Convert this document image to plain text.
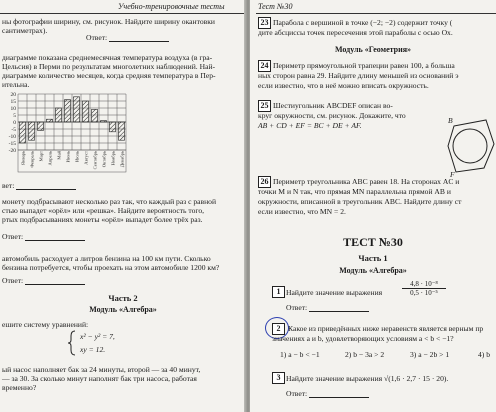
Учебно-тренировочные тесты
ны фотографии ширину, см. рисунок. Найдите ширину окантовки
сантиметрах).
Ответ:
диаграмме показана среднемесячная температура воздуха (в гра-
Цельсия) в Перми по результатам многолетних наблюдений. Най-
диаграмме количество месяцев, когда средняя температура в Пер-
ительна.
20
15
10
5
0
-5
-10
-15
-20 Январь Февраль Март Апрель Май Июнь Июль Август Сентябрь Октябрь Ноябрь Декабрь
вет:
монету подбрасывают несколько раз так, что каждый раз с равной
стью выпадет «орёл» или «решка». Найдите вероятность того,
ртых подбрасываниях монеты «орёл» выпадет более трёх раз.
Ответ:
автомобиль расходует a литров бензина на 100 км пути. Сколько
бензина потребуется, чтобы проехать на этом автомобиле 1200 км?
Ответ:
Часть 2
Модуль «Алгебра»
ешите систему уравнений:
x² − y² = 7,
xy = 12.
ый насос наполняет бак за 24 минуты, второй — за 40 минут,
— за 30. За сколько минут наполнят бак три насоса, работая
временно?
Тест №30
23 Парабола с вершиной в точке (−2; −2) содержит точку (
дите абсциссы точек пересечения этой параболы с осью Ox.
Модуль «Геометрия»
24 Периметр прямоугольной трапеции равен 100, а больша
ных сторон равна 29. Найдите длину меньшей из оснований э
если известно, что в неё можно вписать окружность.
25 Шестиугольник ABCDEF описан во-
круг окружности, см. рисунок. Докажите, что
AB + CD + EF = BC + DE + AF.
B
F
26 Периметр треугольника ABC равен 18. На сторонах AC и
точки M и N так, что прямая MN параллельна прямой AB и
окружности, вписанной в треугольник ABC. Найдите длину ст
если известно, что MN = 2.
ТЕСТ №30
Часть 1
Модуль «Алгебра»
1 Найдите значение выражения	$\frac{\text{4,8 · 10⁻⁸}}{\text{0,5 · 10⁻⁵}}$
Ответ:
2 Какое из приведённых ниже неравенств является верным пр
значениях a и b, удовлетворяющих условиям a < b < −1?
1) a − b < −1	2) b − 3a > 2	3) a − 2b > 1	4) b
3 Найдите значение выражения √(1,6 · 2,7 · 15 · 20).
Ответ:
